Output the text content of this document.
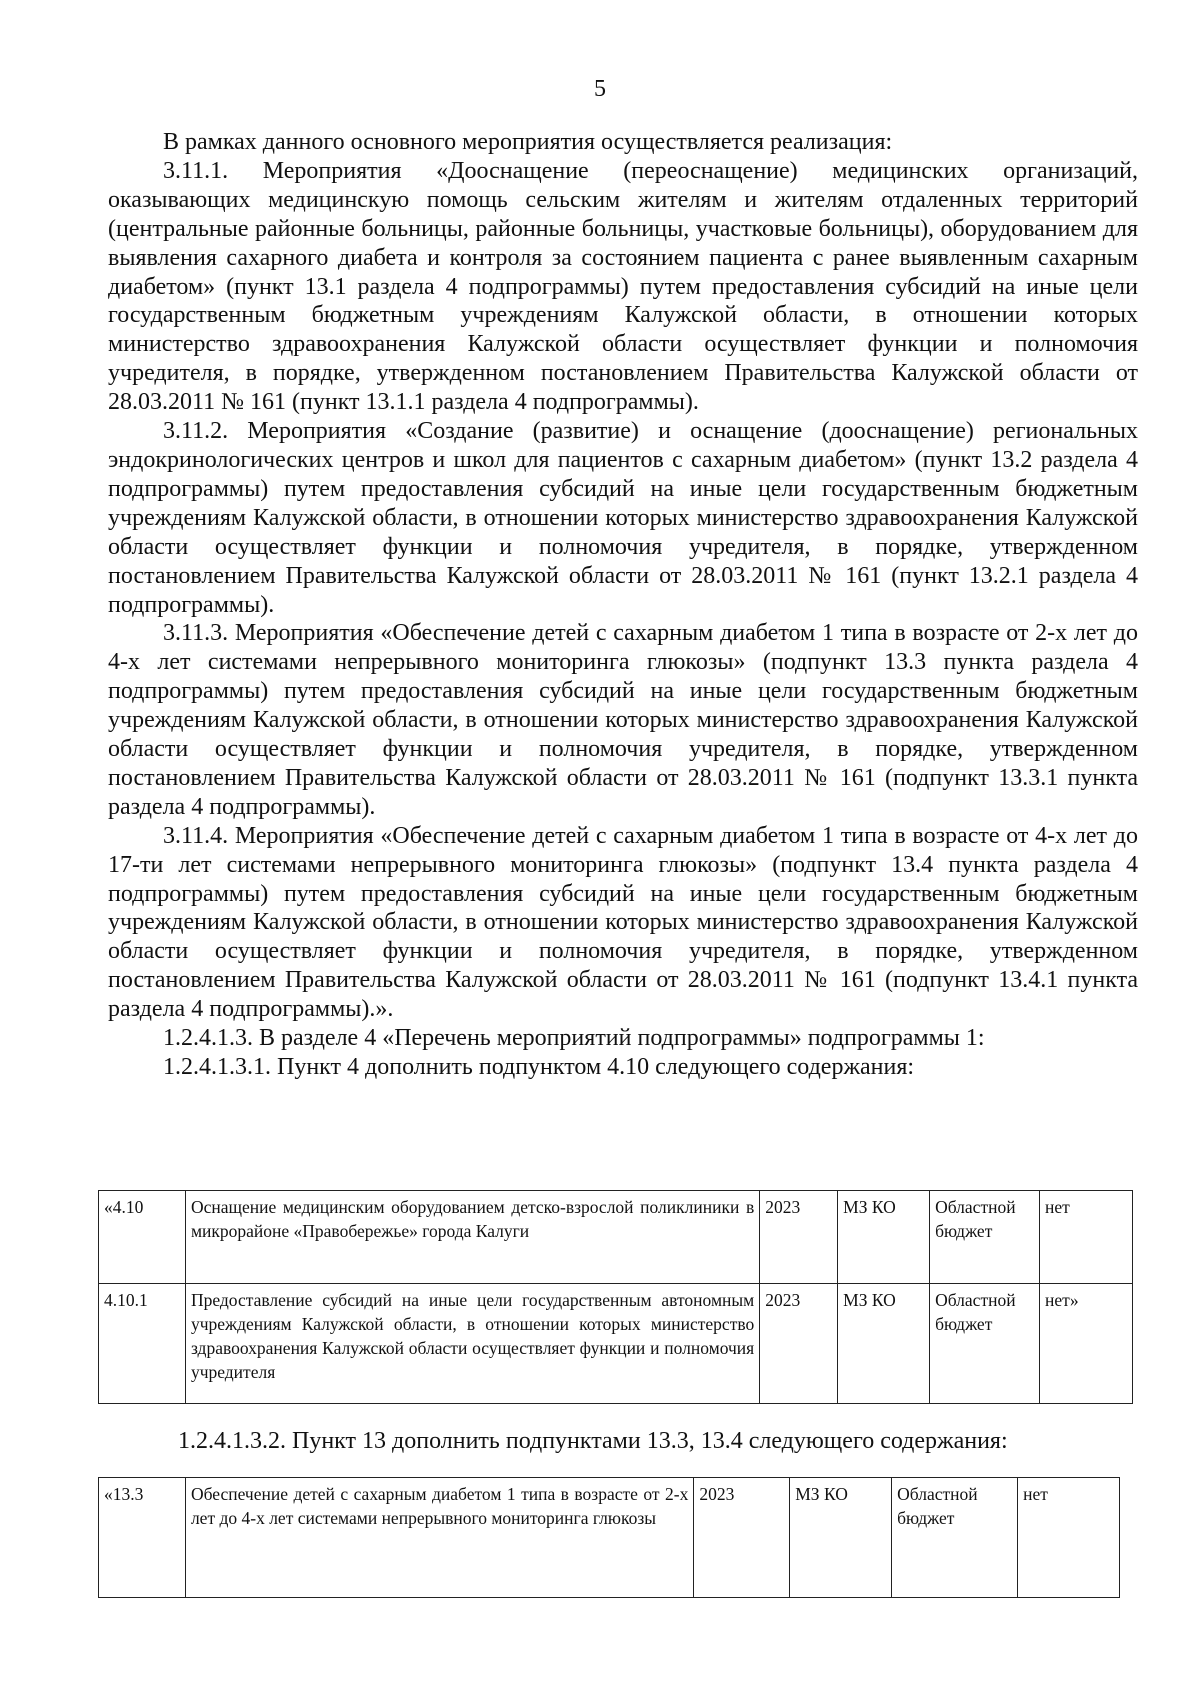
5

В рамках данного основного мероприятия осуществляется реализация:

3.11.1. Мероприятия «Дооснащение (переоснащение) медицинских организаций, оказывающих медицинскую помощь сельским жителям и жителям отдаленных территорий (центральные районные больницы, районные больницы, участковые больницы), оборудованием для выявления сахарного диабета и контроля за состоянием пациента с ранее выявленным сахарным диабетом» (пункт 13.1 раздела 4 подпрограммы) путем предоставления субсидий на иные цели государственным бюджетным учреждениям Калужской области, в отношении которых министерство здравоохранения Калужской области осуществляет функции и полномочия учредителя, в порядке, утвержденном постановлением Правительства Калужской области от 28.03.2011 № 161 (пункт 13.1.1 раздела 4 подпрограммы).

3.11.2. Мероприятия «Создание (развитие) и оснащение (дооснащение) региональных эндокринологических центров и школ для пациентов с сахарным диабетом» (пункт 13.2 раздела 4 подпрограммы) путем предоставления субсидий на иные цели государственным бюджетным учреждениям Калужской области, в отношении которых министерство здравоохранения Калужской области осуществляет функции и полномочия учредителя, в порядке, утвержденном постановлением Правительства Калужской области от 28.03.2011 № 161 (пункт 13.2.1 раздела 4 подпрограммы).

3.11.3. Мероприятия «Обеспечение детей с сахарным диабетом 1 типа в возрасте от 2-х лет до 4-х лет системами непрерывного мониторинга глюкозы» (подпункт 13.3 пункта раздела 4 подпрограммы) путем предоставления субсидий на иные цели государственным бюджетным учреждениям Калужской области, в отношении которых министерство здравоохранения Калужской области осуществляет функции и полномочия учредителя, в порядке, утвержденном постановлением Правительства Калужской области от 28.03.2011 № 161 (подпункт 13.3.1 пункта раздела 4 подпрограммы).

3.11.4. Мероприятия «Обеспечение детей с сахарным диабетом 1 типа в возрасте от 4-х лет до 17-ти лет системами непрерывного мониторинга глюкозы» (подпункт 13.4 пункта раздела 4 подпрограммы) путем предоставления субсидий на иные цели государственным бюджетным учреждениям Калужской области, в отношении которых министерство здравоохранения Калужской области осуществляет функции и полномочия учредителя, в порядке, утвержденном постановлением Правительства Калужской области от 28.03.2011 № 161 (подпункт 13.4.1 пункта раздела 4 подпрограммы).».

1.2.4.1.3. В разделе 4 «Перечень мероприятий подпрограммы» подпрограммы 1:

1.2.4.1.3.1. Пункт 4 дополнить подпунктом 4.10 следующего содержания:

«4.10	Оснащение медицинским оборудованием детско-взрослой поликлиники в микрорайоне «Правобережье» города Калуги	2023	МЗ КО	Областной бюджет	нет
4.10.1	Предоставление субсидий на иные цели государственным автономным учреждениям Калужской области, в отношении которых министерство здравоохранения Калужской области осуществляет функции и полномочия учредителя	2023	МЗ КО	Областной бюджет	нет»
1.2.4.1.3.2. Пункт 13 дополнить подпунктами 13.3, 13.4 следующего содержания:
«13.3	Обеспечение детей с сахарным диабетом 1 типа в возрасте от 2-х лет до 4-х лет системами непрерывного мониторинга глюкозы	2023	МЗ КО	Областной бюджет	нет
